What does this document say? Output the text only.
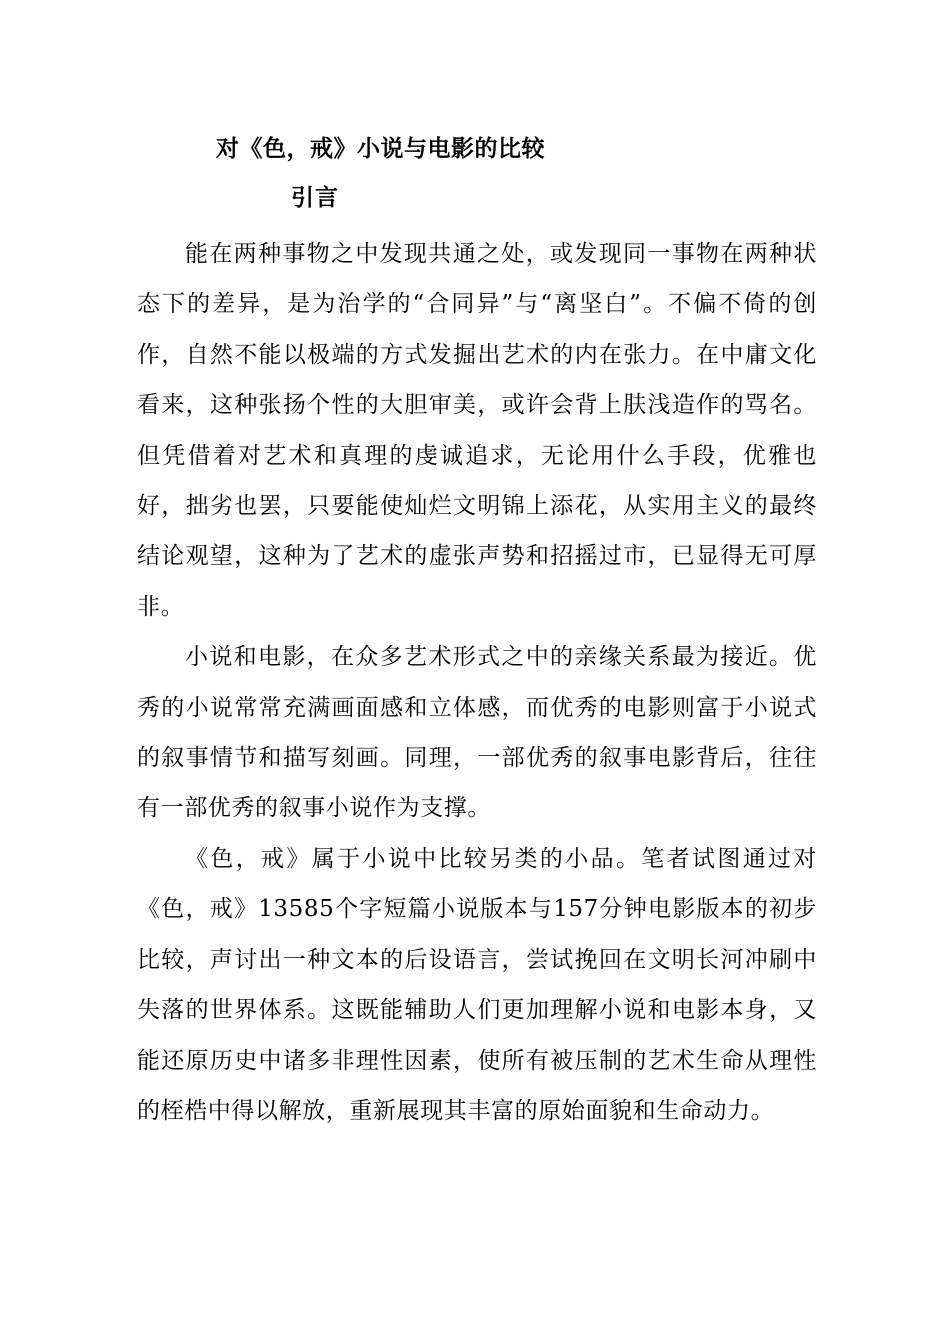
对《色，戒》小说与电影的比较
引言

能在两种事物之中发现共通之处，或发现同一事物在两种状态下的差异，是为治学的“合同异”与“离坚白”。不偏不倚的创作，自然不能以极端的方式发掘出艺术的内在张力。在中庸文化看来，这种张扬个性的大胆审美，或许会背上肤浅造作的骂名。但凭借着对艺术和真理的虔诚追求，无论用什么手段，优雅也好，拙劣也罢，只要能使灿烂文明锦上添花，从实用主义的最终结论观望，这种为了艺术的虚张声势和招摇过市，已显得无可厚非。

小说和电影，在众多艺术形式之中的亲缘关系最为接近。优秀的小说常常充满画面感和立体感，而优秀的电影则富于小说式的叙事情节和描写刻画。同理，一部优秀的叙事电影背后，往往有一部优秀的叙事小说作为支撑。

《色，戒》属于小说中比较另类的小品。笔者试图通过对《色，戒》13585个字短篇小说版本与157分钟电影版本的初步比较，声讨出一种文本的后设语言，尝试挽回在文明长河冲刷中失落的世界体系。这既能辅助人们更加理解小说和电影本身，又能还原历史中诸多非理性因素，使所有被压制的艺术生命从理性的桎梏中得以解放，重新展现其丰富的原始面貌和生命动力。
